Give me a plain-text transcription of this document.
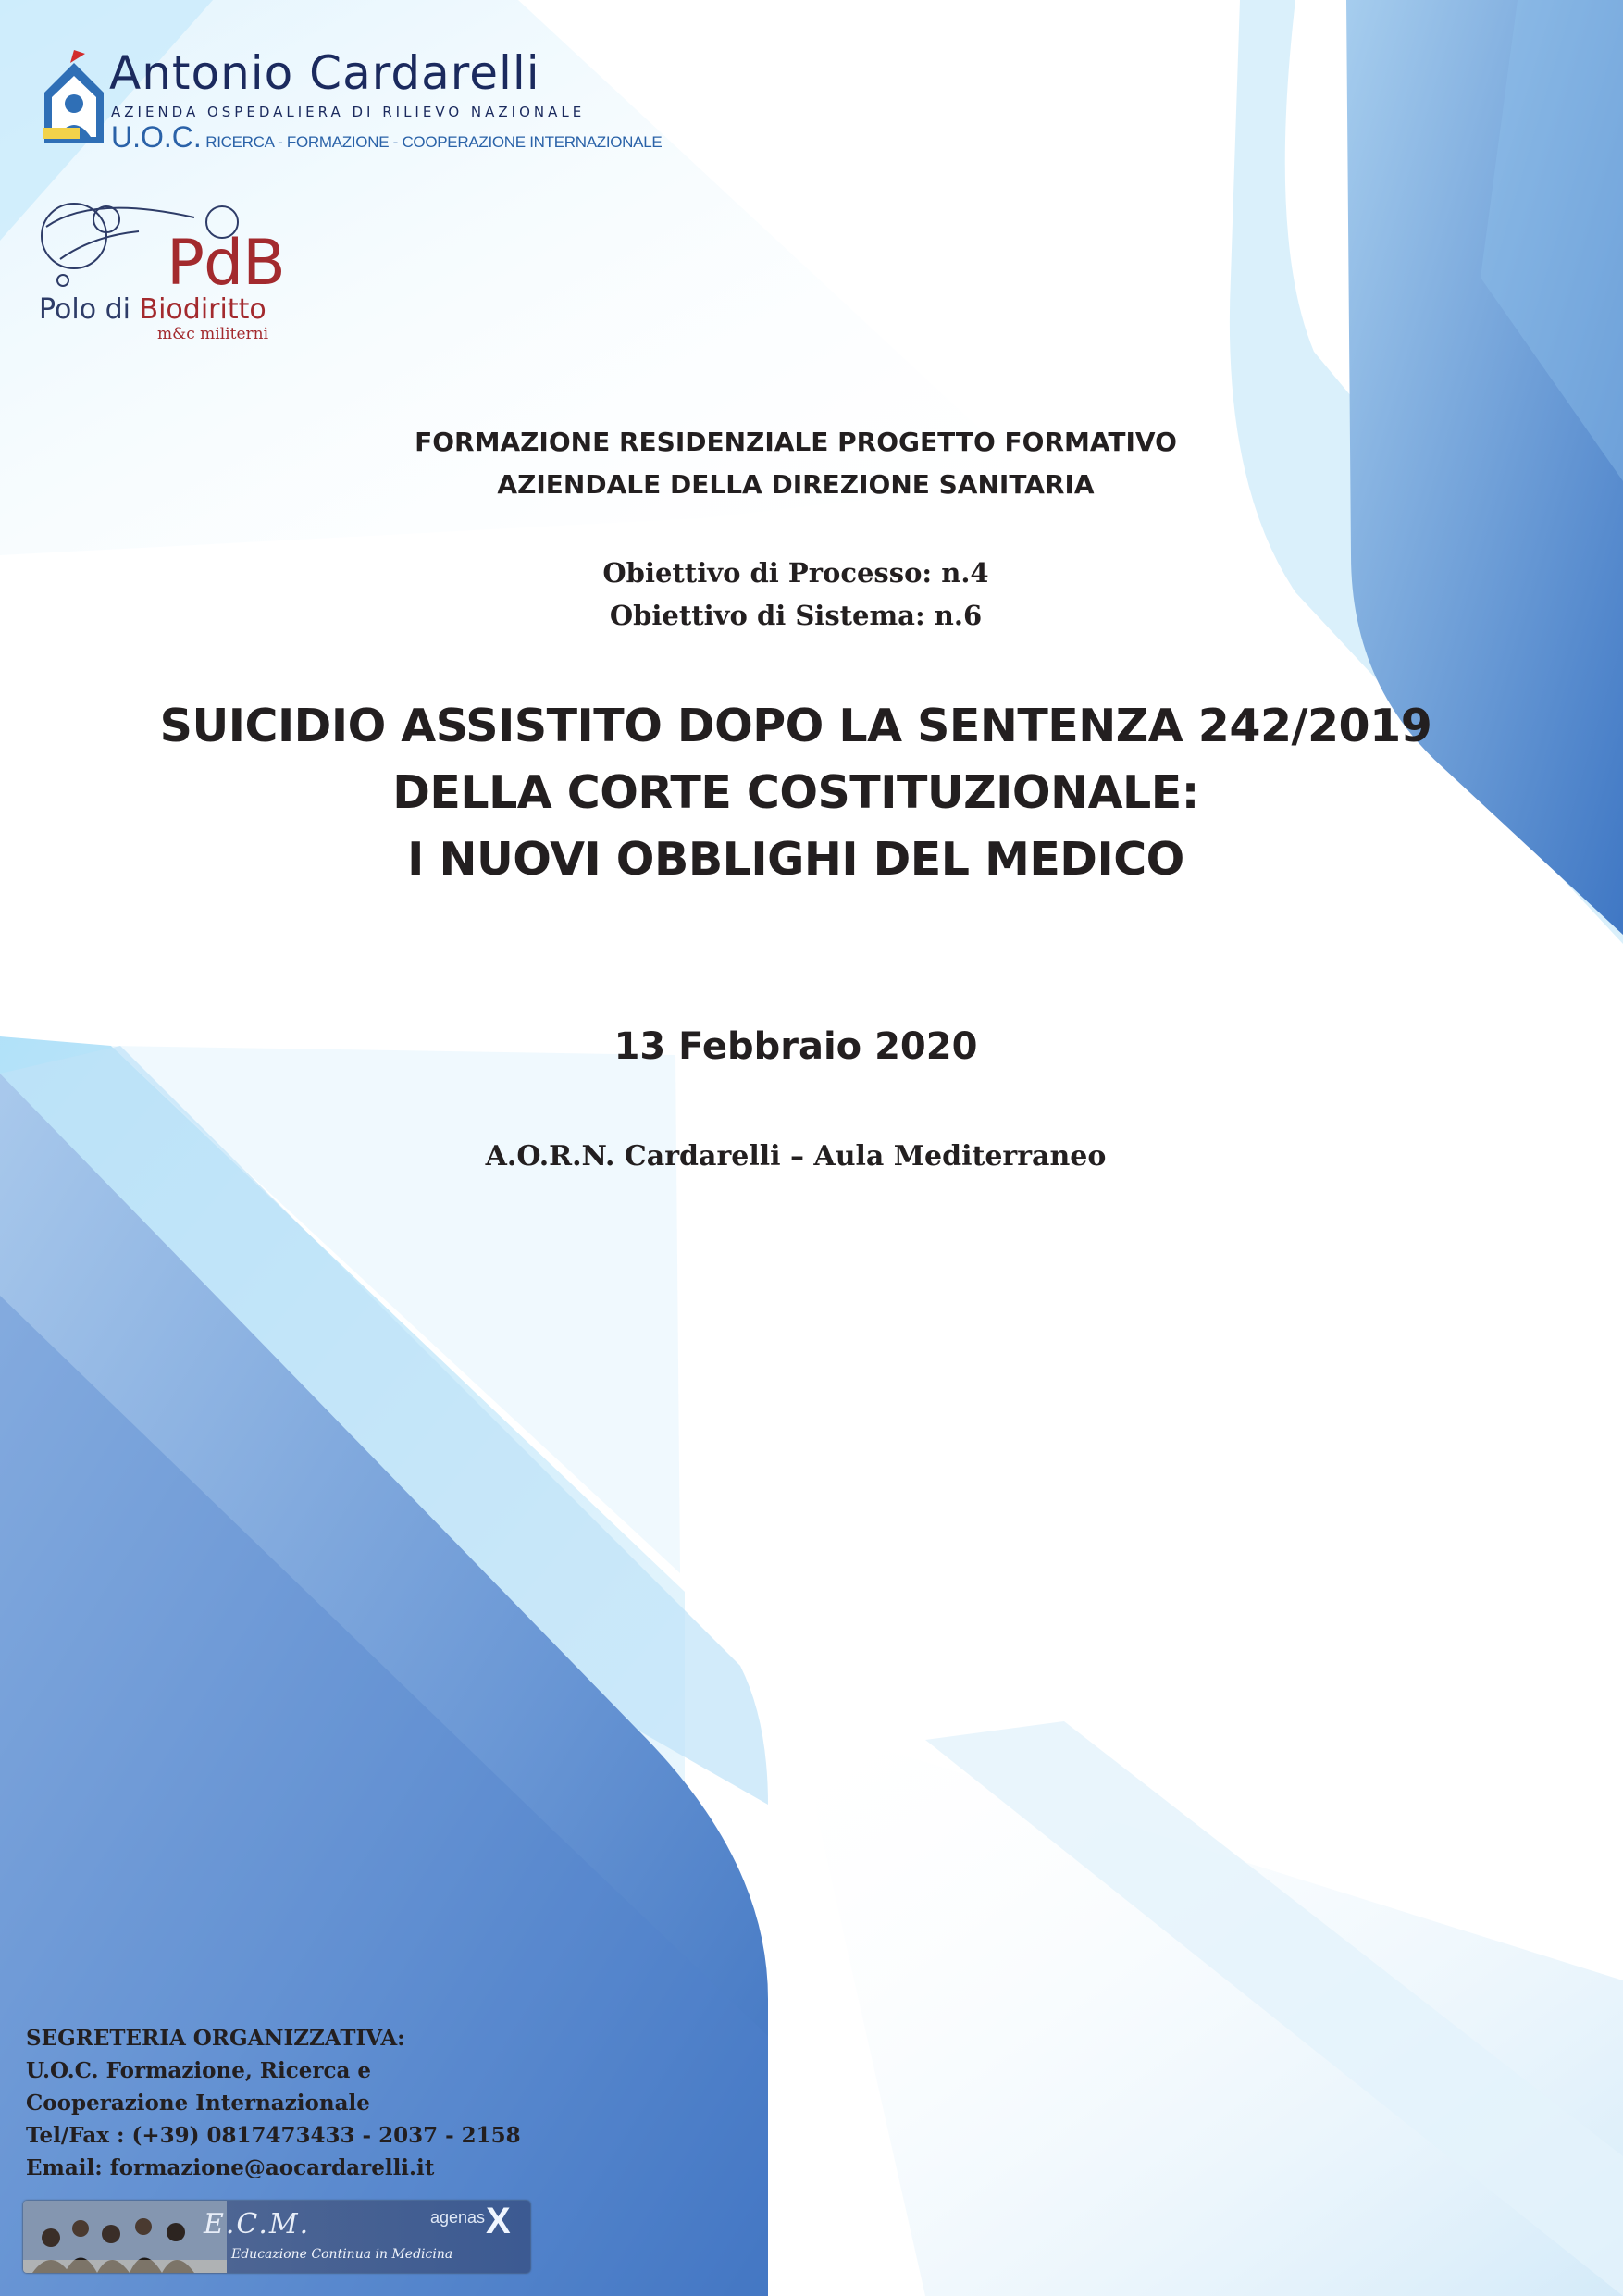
Antonio Cardarelli
AZIENDA OSPEDALIERA DI RILIEVO NAZIONALE
U.O.C. RICERCA - FORMAZIONE - COOPERAZIONE INTERNAZIONALE
PdB
Polo di Biodiritto
m&c militerni
FORMAZIONE RESIDENZIALE PROGETTO FORMATIVO
AZIENDALE DELLA DIREZIONE SANITARIA
Obiettivo di Processo: n.4
Obiettivo di Sistema: n.6
SUICIDIO ASSISTITO DOPO LA SENTENZA 242/2019
DELLA CORTE COSTITUZIONALE:
I NUOVI OBBLIGHI DEL MEDICO
13 Febbraio 2020
A.O.R.N. Cardarelli – Aula Mediterraneo
SEGRETERIA ORGANIZZATIVA:
U.O.C. Formazione, Ricerca e
Cooperazione Internazionale
Tel/Fax : (+39) 0817473433 - 2037 - 2158
Email: formazione@aocardarelli.it
E.C.M.
Educazione Continua in Medicina
agenas X
